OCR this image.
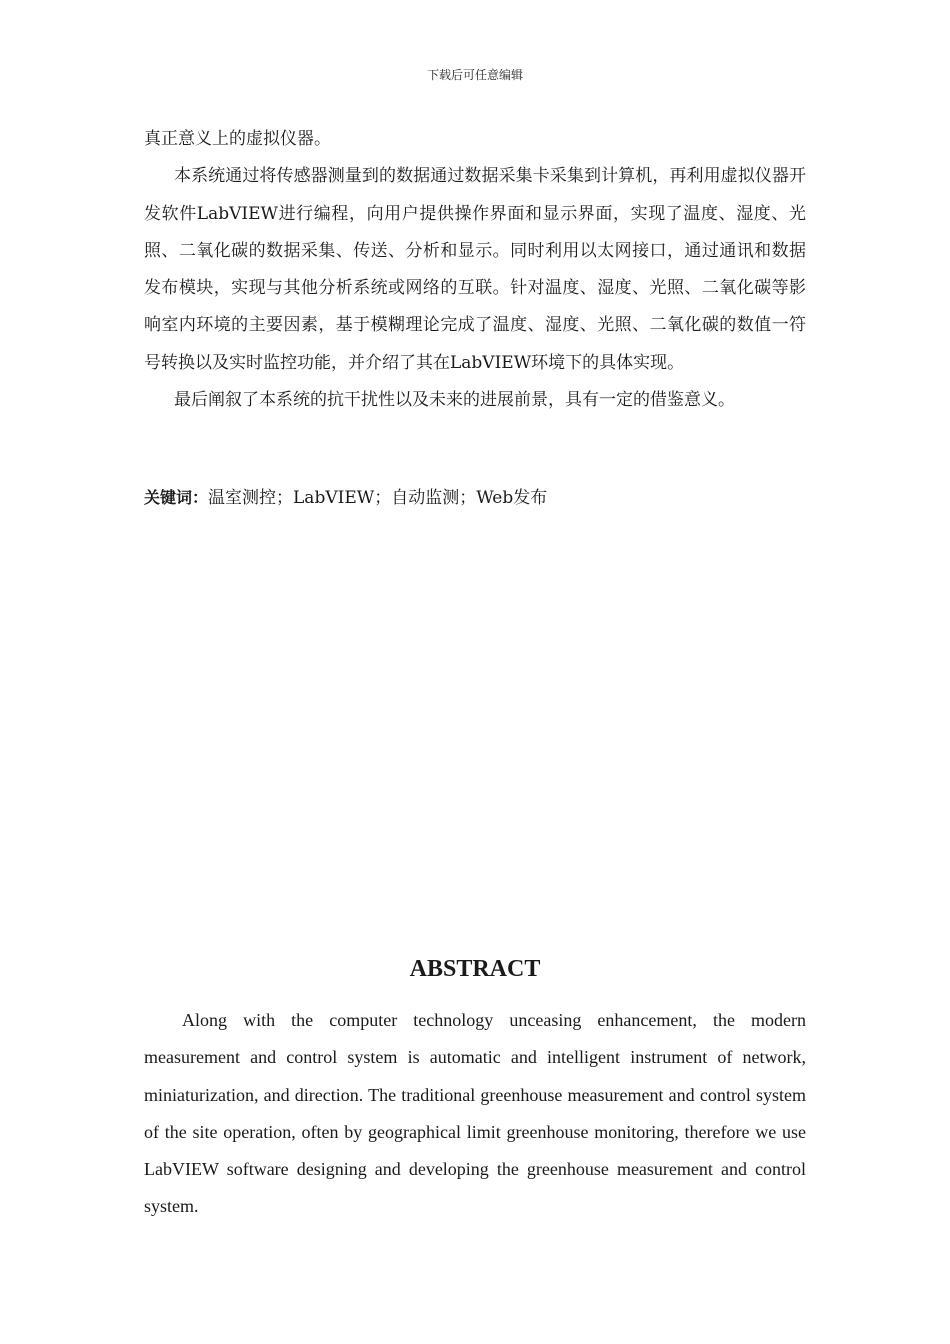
下载后可任意编辑

真正意义上的虚拟仪器。

本系统通过将传感器测量到的数据通过数据采集卡采集到计算机，再利用虚拟仪器开发软件LabVIEW进行编程，向用户提供操作界面和显示界面，实现了温度、湿度、光照、二氧化碳的数据采集、传送、分析和显示。同时利用以太网接口，通过通讯和数据发布模块，实现与其他分析系统或网络的互联。针对温度、湿度、光照、二氧化碳等影响室内环境的主要因素，基于模糊理论完成了温度、湿度、光照、二氧化碳的数值一符号转换以及实时监控功能，并介绍了其在LabVIEW环境下的具体实现。

最后阐叙了本系统的抗干扰性以及未来的进展前景，具有一定的借鉴意义。

关键词：温室测控；LabVIEW；自动监测；Web发布
ABSTRACT

Along with the computer technology unceasing enhancement, the modern measurement and control system is automatic and intelligent instrument of network, miniaturization, and direction. The traditional greenhouse measurement and control system of the site operation, often by geographical limit greenhouse monitoring, therefore we use LabVIEW software designing and developing the greenhouse measurement and control system.
